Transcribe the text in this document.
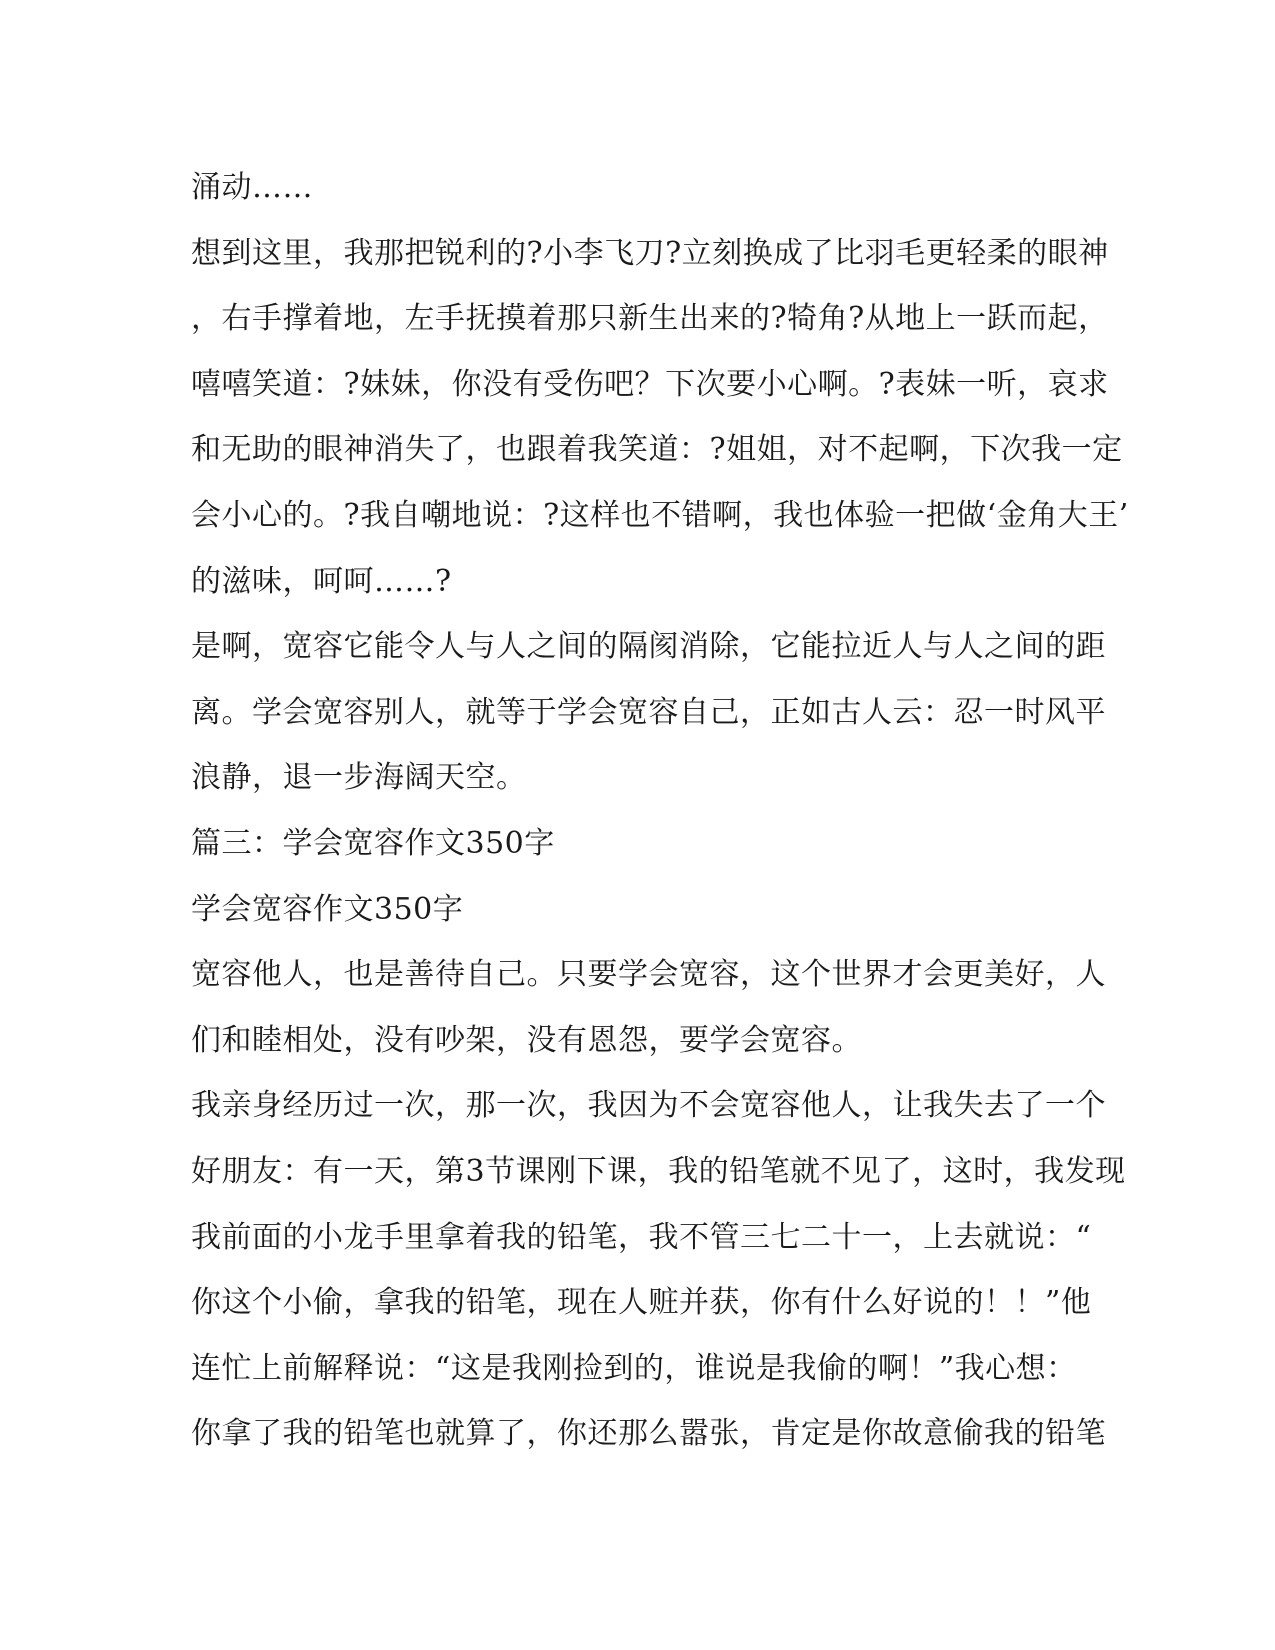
涌动……
想到这里，我那把锐利的?小李飞刀?立刻换成了比羽毛更轻柔的眼神
，右手撑着地，左手抚摸着那只新生出来的?犄角?从地上一跃而起，
嘻嘻笑道：?妹妹，你没有受伤吧？下次要小心啊。?表妹一听，哀求
和无助的眼神消失了，也跟着我笑道：?姐姐，对不起啊，下次我一定
会小心的。?我自嘲地说：?这样也不错啊，我也体验一把做‘金角大王’
的滋味，呵呵……?
是啊，宽容它能令人与人之间的隔阂消除，它能拉近人与人之间的距
离。学会宽容别人，就等于学会宽容自己，正如古人云：忍一时风平
浪静，退一步海阔天空。
篇三：学会宽容作文350字
学会宽容作文350字
宽容他人，也是善待自己。只要学会宽容，这个世界才会更美好，人
们和睦相处，没有吵架，没有恩怨，要学会宽容。
我亲身经历过一次，那一次，我因为不会宽容他人，让我失去了一个
好朋友：有一天，第3节课刚下课，我的铅笔就不见了，这时，我发现
我前面的小龙手里拿着我的铅笔，我不管三七二十一，上去就说：“
你这个小偷，拿我的铅笔，现在人赃并获，你有什么好说的！！”他
连忙上前解释说：“这是我刚捡到的，谁说是我偷的啊！”我心想：
你拿了我的铅笔也就算了，你还那么嚣张，肯定是你故意偷我的铅笔
